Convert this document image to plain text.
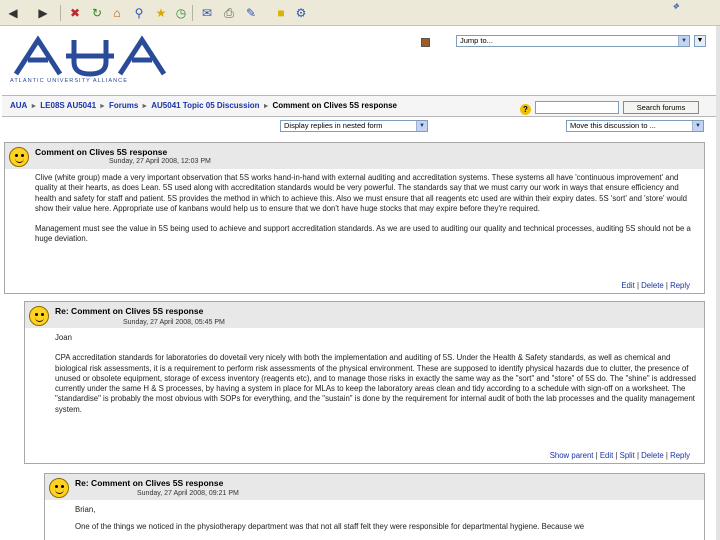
◀	▶	✖ ↻ ⌂	⚲	★ ◷	✉	⎙	✎	■ ⚙	❖
ATLANTIC UNIVERSITY ALLIANCE
Jump to...	▼	▼
AUA ► LE08S AU5041 ► Forums ► AU5041 Topic 05 Discussion ► Comment on Clives 5S response	?	Search forums
Display replies in nested form	▼	Move this discussion to ...	▼
Comment on Clives 5S response
Sunday, 27 April 2008, 12:03 PM

Clive (white group) made a very important observation that 5S works hand-in-hand with external auditing and accreditation systems. These systems all have 'continuous improvement' and quality at their hearts, as does Lean. 5S used along with accreditation standards would be very powerful. The standards say that we must carry our work in ways that ensure efficiency and health and safety for staff and patient. 5S provides the method in which to achieve this. Also we must ensure that all reagents etc used are within their expiry dates. 5S 'sort' and 'store' would show their value here. Appropriate use of kanbans would help us to ensure that we don't have huge stocks that may expire before they're required.

Management must see the value in 5S being used to achieve and support accreditation standards. As we are used to auditing our quality and technical processes, auditing 5S should not be a huge deviation.

Edit | Delete | Reply
Re: Comment on Clives 5S response
Sunday, 27 April 2008, 05:45 PM

Joan

CPA accreditation standards for laboratories do dovetail very nicely with both the implementation and auditing of 5S. Under the Health & Safety standards, as well as chemical and biological risk assessments, it is a requirement to perform risk assessments of the physical environment. These are supposed to identify physical hazards due to clutter, the presence of unused or obsolete equipment, storage of excess inventory (reagents etc), and to manage those risks in exactly the same way as the "sort" and "store" of 5S do. The "shine" is addressed currently under the same H & S processes, by having a system in place for MLAs to keep the laboratory areas clean and tidy according to a schedule with sign-off on a worksheet. The "standardise" is probably the most obvious with SOPs for everything, and the "sustain" is done by the requirement for internal audit of both the lab processes and the quality management system.

Show parent | Edit | Split | Delete | Reply
Re: Comment on Clives 5S response
Sunday, 27 April 2008, 09:21 PM

Brian,

One of the things we noticed in the physiotherapy department was that not all staff felt they were responsible for departmental hygiene. Because we
